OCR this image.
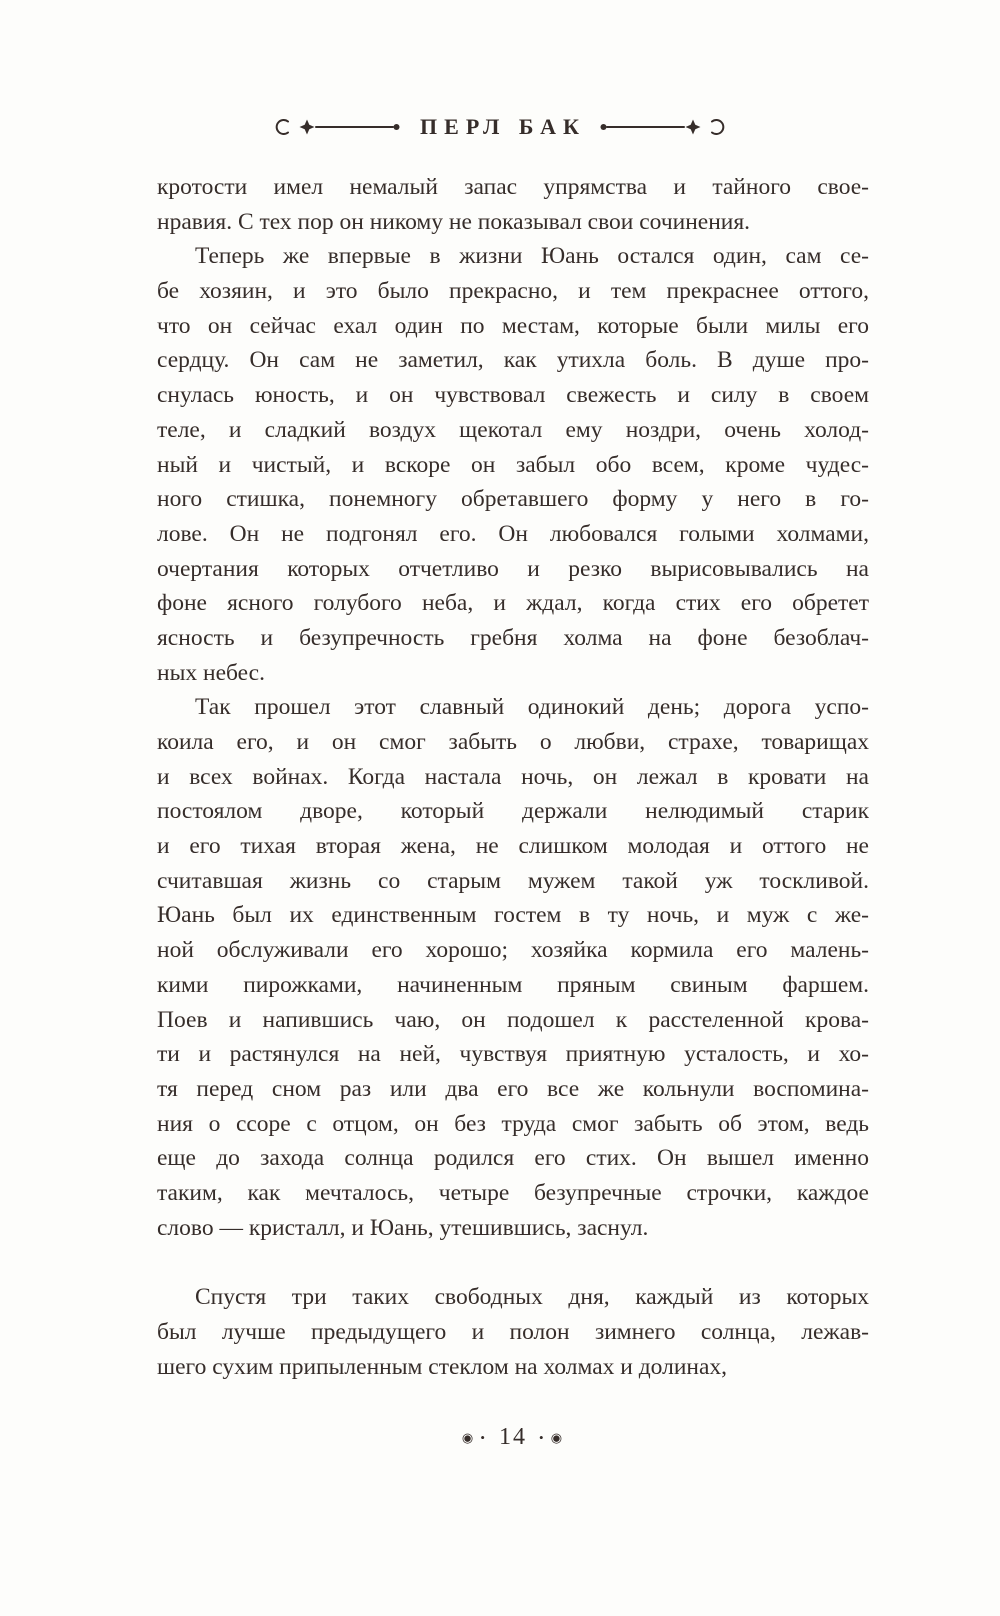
ПЕРЛ БАК
кротости имел немалый запас упрямства и тайного свое-
нравия. С тех пор он никому не показывал свои сочинения.
Теперь же впервые в жизни Юань остался один, сам се-
бе хозяин, и это было прекрасно, и тем прекраснее оттого,
что он сейчас ехал один по местам, которые были милы его
сердцу. Он сам не заметил, как утихла боль. В душе про-
снулась юность, и он чувствовал свежесть и силу в своем
теле, и сладкий воздух щекотал ему ноздри, очень холод-
ный и чистый, и вскоре он забыл обо всем, кроме чудес-
ного стишка, понемногу обретавшего форму у него в го-
лове. Он не подгонял его. Он любовался голыми холмами,
очертания которых отчетливо и резко вырисовывались на
фоне ясного голубого неба, и ждал, когда стих его обретет
ясность и безупречность гребня холма на фоне безоблач-
ных небес.
Так прошел этот славный одинокий день; дорога успо-
коила его, и он смог забыть о любви, страхе, товарищах
и всех войнах. Когда настала ночь, он лежал в кровати на
постоялом дворе, который держали нелюдимый старик
и его тихая вторая жена, не слишком молодая и оттого не
считавшая жизнь со старым мужем такой уж тоскливой.
Юань был их единственным гостем в ту ночь, и муж с же-
ной обслуживали его хорошо; хозяйка кормила его малень-
кими пирожками, начиненным пряным свиным фаршем.
Поев и напившись чаю, он подошел к расстеленной крова-
ти и растянулся на ней, чувствуя приятную усталость, и хо-
тя перед сном раз или два его все же кольнули воспомина-
ния о ссоре с отцом, он без труда смог забыть об этом, ведь
еще до захода солнца родился его стих. Он вышел именно
таким, как мечталось, четыре безупречные строчки, каждое
слово — кристалл, и Юань, утешившись, заснул.
Спустя три таких свободных дня, каждый из которых
был лучше предыдущего и полон зимнего солнца, лежав-
шего сухим припыленным стеклом на холмах и долинах,
◉ • 14 • ◉
